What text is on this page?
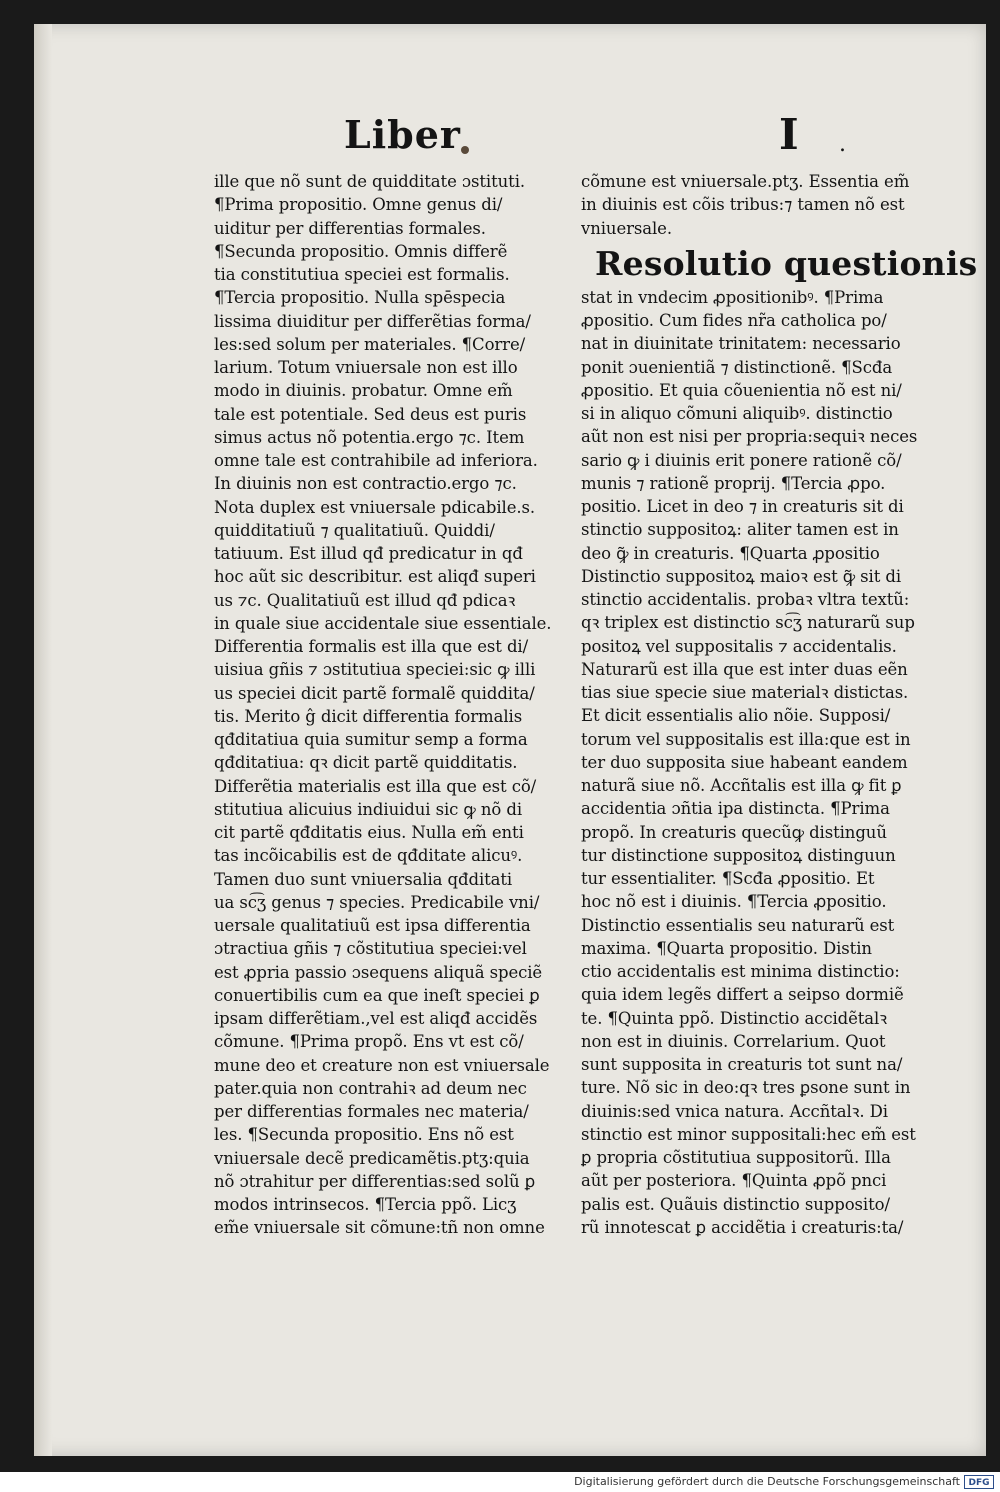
Liber	I .
ille que nõ sunt de quidditate ɔstituti.
¶Prima propositio. Omne genus di/
uiditur per differentias formales.
¶Secunda propositio. Omnis differẽ
tia constitutiua speciei est formalis.
¶Tercia propositio. Nulla spēspecia
lissima diuiditur per differẽtias forma/
les:sed solum per materiales. ¶Corre/
larium. Totum vniuersale non est illo
modo in diuinis. probatur. Omne em̃
tale est potentiale. Sed deus est puris
simus actus nõ potentia.ergo ⁊c. Item
omne tale est contrahibile ad inferiora.
In diuinis non est contractio.ergo ⁊c.
Nota duplex est vniuersale pdicabile.s.
quidditatiuũ ⁊ qualitatiuũ. Quiddi/
tatiuum. Est illud qđ predicatur in qđ
hoc aũt sic describitur. est aliqđ superi
us ⁊c. Qualitatiuũ est illud qđ pdicaꝛ
in quale siue accidentale siue essentiale.
Differentia formalis est illa que est di/
uisiua gñis ⁊ ɔstitutiua speciei:sic ꝙ illi
us speciei dicit partẽ formalẽ quiddita/
tis. Merito ĝ dicit differentia formalis
qđditatiua quia sumitur semp a forma
qđditatiua: qꝛ dicit partẽ quidditatis.
Differẽtia materialis est illa que est cõ/
stitutiua alicuius indiuidui sic ꝙ nõ di
cit partẽ qđditatis eius. Nulla em̃ enti
tas incõicabilis est de qđditate alicuꝰ.
Tamen duo sunt vniuersalia qđditati
ua sc͡ʒ genus ⁊ species. Predicabile vni/
uersale qualitatiuũ est ipsa differentia
ɔtractiua gñis ⁊ cõstitutiua speciei:vel
est ꝓpria passio ɔsequens aliquã speciẽ
conuertibilis cum ea que ineſt speciei ꝑ
ipsam differẽtiam.,vel est aliqđ accidẽs
cõmune. ¶Prima propõ. Ens vt est cõ/
mune deo et creature non est vniuersale
pater.quia non contrahiꝛ ad deum nec
per differentias formales nec materia/
les. ¶Secunda propositio. Ens nõ est
vniuersale decẽ predicamẽtis.ptʒ:quia
nõ ɔtrahitur per differentias:sed solũ ꝑ
modos intrinsecos. ¶Tercia ppõ. Licʒ
em̃e vniuersale sit cõmune:tñ non omne
cõmune est vniuersale.ptʒ. Essentia em̃
in diuinis est cõis tribus:⁊ tamen nõ est
vniuersale.
Resolutio questionis
stat in vndecim ꝓpositionibꝰ. ¶Prima
ꝓpositio. Cum fides nr̃a catholica po/
nat in diuinitate trinitatem: necessario
ponit ɔuenientiã ⁊ distinctionẽ. ¶Scđa
ꝓpositio. Et quia cõuenientia nõ est ni/
si in aliquo cõmuni aliquibꝰ. distinctio
aũt non est nisi per propria:sequiꝛ neces
sario ꝙ i diuinis erit ponere rationẽ cõ/
munis ⁊ rationẽ proprij. ¶Tercia ꝓpo.
positio. Licet in deo ⁊ in creaturis sit di
stinctio suppositoꝝ: aliter tamen est in
deo ꝙ̃ in creaturis. ¶Quarta ꝓpositio
Distinctio suppositoꝝ maioꝛ est ꝙ̃ sit di
stinctio accidentalis. probaꝛ vltra textũ:
qꝛ triplex est distinctio sc͡ʒ naturarũ sup
positoꝝ vel suppositalis ⁊ accidentalis.
Naturarũ est illa que est inter duas eẽn
tias siue specie siue materialꝛ distictas.
Et dicit essentialis alio nõie. Supposi/
torum vel suppositalis est illa:que est in
ter duo supposita siue habeant eandem
naturã siue nõ. Accñtalis est illa ꝙ fit ꝑ
accidentia ɔñtia ipa distincta. ¶Prima
propõ. In creaturis quecũꝙ distinguũ
tur distinctione suppositoꝝ distinguun
tur essentialiter. ¶Scđa ꝓpositio. Et
hoc nõ est i diuinis. ¶Tercia ꝓpositio.
Distinctio essentialis seu naturarũ est
maxima. ¶Quarta propositio. Distin
ctio accidentalis est minima distinctio:
quia idem legẽs differt a seipso dormiẽ
te. ¶Quinta ppõ. Distinctio accidẽtalꝛ
non est in diuinis. Correlarium. Quot
sunt supposita in creaturis tot sunt na/
ture. Nõ sic in deo:qꝛ tres ꝑsone sunt in
diuinis:sed vnica natura. Accñtalꝛ. Di
stinctio est minor suppositali:hec em̃ est
ꝑ propria cõstitutiua suppositorũ. Illa
aũt per posteriora. ¶Quinta ꝓpõ pnci
palis est. Quãuis distinctio supposito/
rũ innotescat ꝑ accidẽtia i creaturis:ta/
Digitalisierung gefördert durch die Deutsche Forschungsgemeinschaft DFG
